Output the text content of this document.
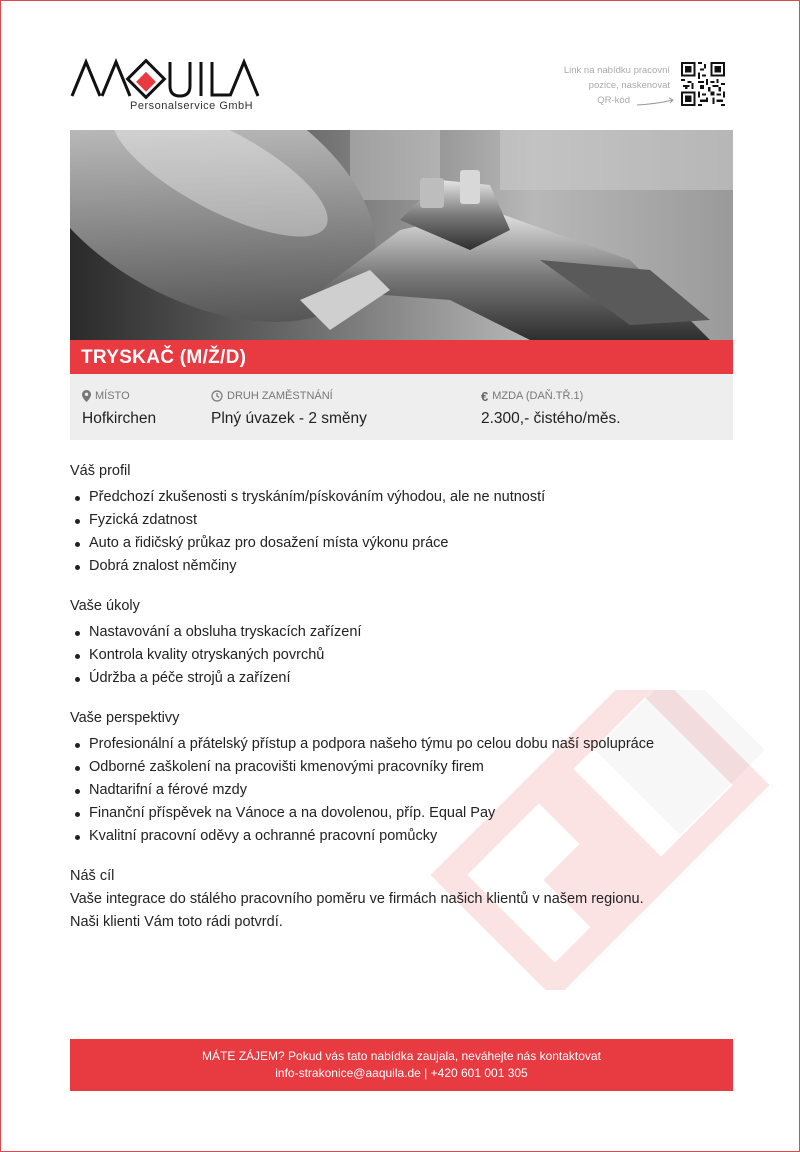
Personalservice GmbH
Link na nabídku pracovní
pozice, naskenovat
QR-kód
TRYSKAČ (M/Ž/D)
MÍSTO
Hofkirchen
DRUH ZAMĚSTNÁNÍ
Plný úvazek - 2 směny
€ MZDA (DAŇ.TŘ.1)
2.300,- čistého/měs.
Váš profil
Předchozí zkušenosti s tryskáním/pískováním výhodou, ale ne nutností
Fyzická zdatnost
Auto a řidičský průkaz pro dosažení místa výkonu práce
Dobrá znalost němčiny
Vaše úkoly
Nastavování a obsluha tryskacích zařízení
Kontrola kvality otryskaných povrchů
Údržba a péče strojů a zařízení
Vaše perspektivy
Profesionální a přátelský přístup a podpora našeho týmu po celou dobu naší spolupráce
Odborné zaškolení na pracovišti kmenovými pracovníky firem
Nadtarifní a férové mzdy
Finanční příspěvek na Vánoce a na dovolenou, příp. Equal Pay
Kvalitní pracovní oděvy a ochranné pracovní pomůcky
Náš cíl
Vaše integrace do stálého pracovního poměru ve firmách našich klientů v našem regionu.
Naši klienti Vám toto rádi potvrdí.
MÁTE ZÁJEM? Pokud vás tato nabídka zaujala, neváhejte nás kontaktovat
info-strakonice@aaquila.de | +420 601 001 305
